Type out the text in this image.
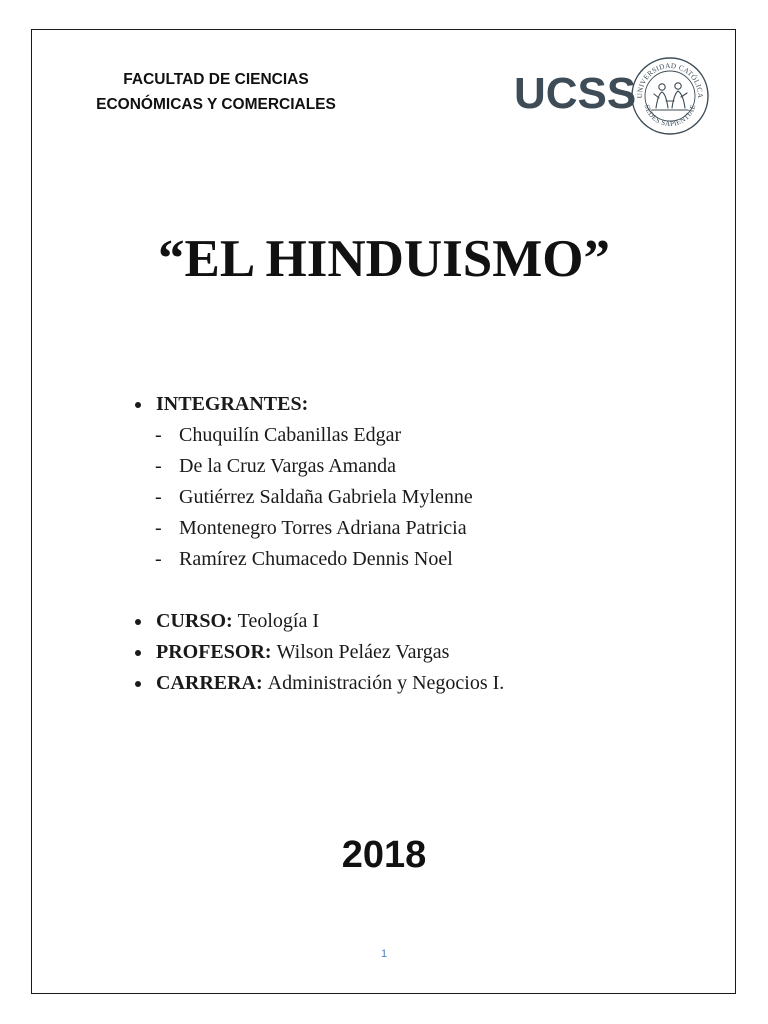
FACULTAD DE CIENCIAS
ECONÓMICAS Y COMERCIALES	UCSS UNIVERSIDAD CATÓLICA
SEDES SAPIENTIAE
“EL HINDUISMO”
INTEGRANTES:
- Chuquilín Cabanillas Edgar
- De la Cruz Vargas Amanda
- Gutiérrez Saldaña Gabriela Mylenne
- Montenegro Torres Adriana Patricia
- Ramírez Chumacedo Dennis Noel
CURSO: Teología I
PROFESOR: Wilson Peláez Vargas
CARRERA: Administración y Negocios I.
2018
1
